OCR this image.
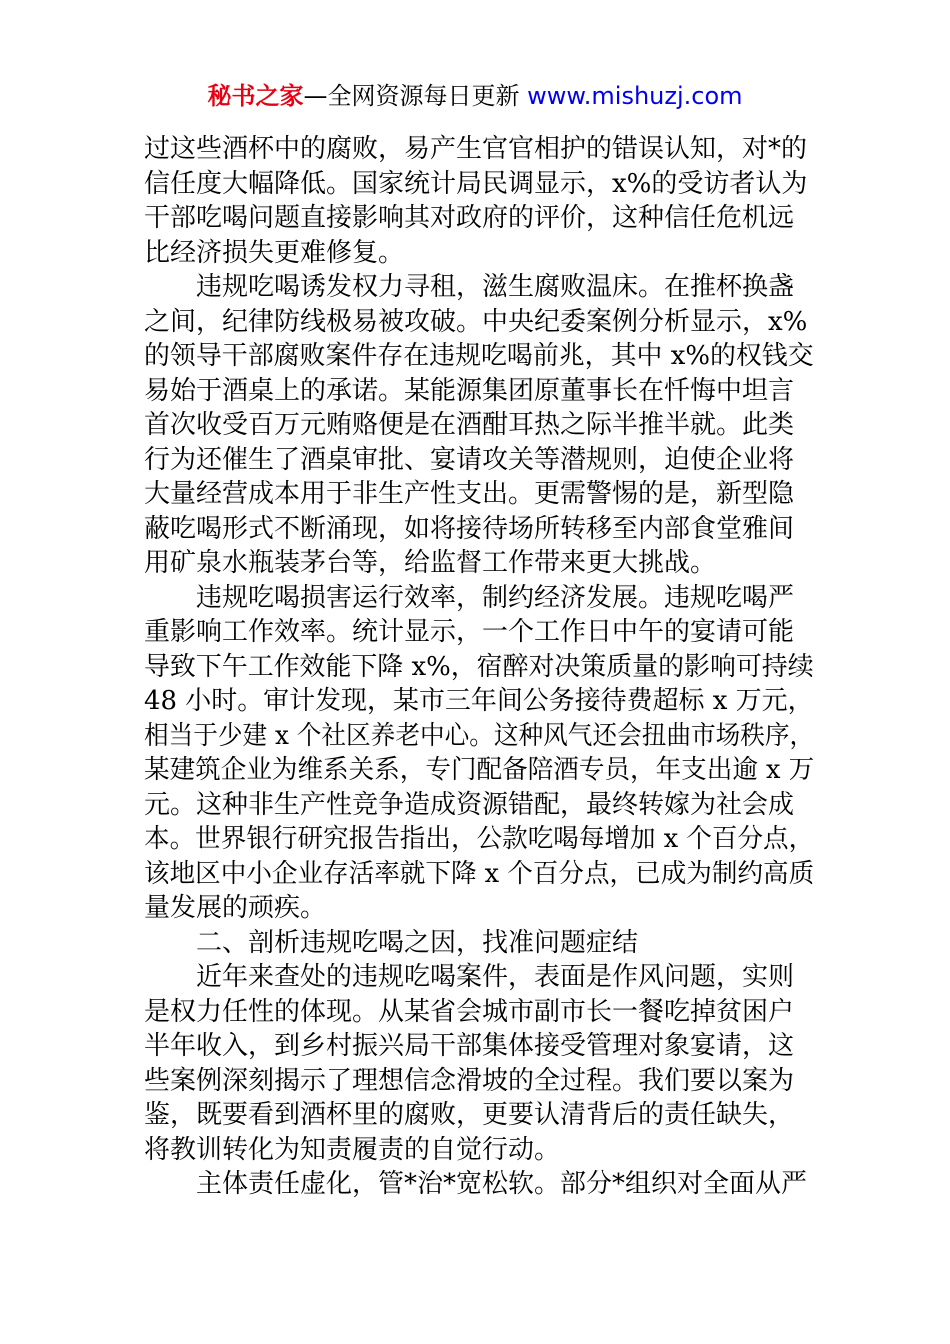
秘书之家—全网资源每日更新 www.mishuzj.com
过这些酒杯中的腐败，易产生官官相护的错误认知，对*的
信任度大幅降低。国家统计局民调显示，x%的受访者认为
干部吃喝问题直接影响其对政府的评价，这种信任危机远
比经济损失更难修复。
违规吃喝诱发权力寻租，滋生腐败温床。在推杯换盏
之间，纪律防线极易被攻破。中央纪委案例分析显示，x%
的领导干部腐败案件存在违规吃喝前兆，其中 x%的权钱交
易始于酒桌上的承诺。某能源集团原董事长在忏悔中坦言
首次收受百万元贿赂便是在酒酣耳热之际半推半就。此类
行为还催生了酒桌审批、宴请攻关等潜规则，迫使企业将
大量经营成本用于非生产性支出。更需警惕的是，新型隐
蔽吃喝形式不断涌现，如将接待场所转移至内部食堂雅间
用矿泉水瓶装茅台等，给监督工作带来更大挑战。
违规吃喝损害运行效率，制约经济发展。违规吃喝严
重影响工作效率。统计显示，一个工作日中午的宴请可能
导致下午工作效能下降 x%，宿醉对决策质量的影响可持续
48 小时。审计发现，某市三年间公务接待费超标 x 万元，
相当于少建 x 个社区养老中心。这种风气还会扭曲市场秩序，
某建筑企业为维系关系，专门配备陪酒专员，年支出逾 x 万
元。这种非生产性竞争造成资源错配，最终转嫁为社会成
本。世界银行研究报告指出，公款吃喝每增加 x 个百分点，
该地区中小企业存活率就下降 x 个百分点，已成为制约高质
量发展的顽疾。
二、剖析违规吃喝之因，找准问题症结
近年来查处的违规吃喝案件，表面是作风问题，实则
是权力任性的体现。从某省会城市副市长一餐吃掉贫困户
半年收入，到乡村振兴局干部集体接受管理对象宴请，这
些案例深刻揭示了理想信念滑坡的全过程。我们要以案为
鉴，既要看到酒杯里的腐败，更要认清背后的责任缺失，
将教训转化为知责履责的自觉行动。
主体责任虚化，管*治*宽松软。部分*组织对全面从严
